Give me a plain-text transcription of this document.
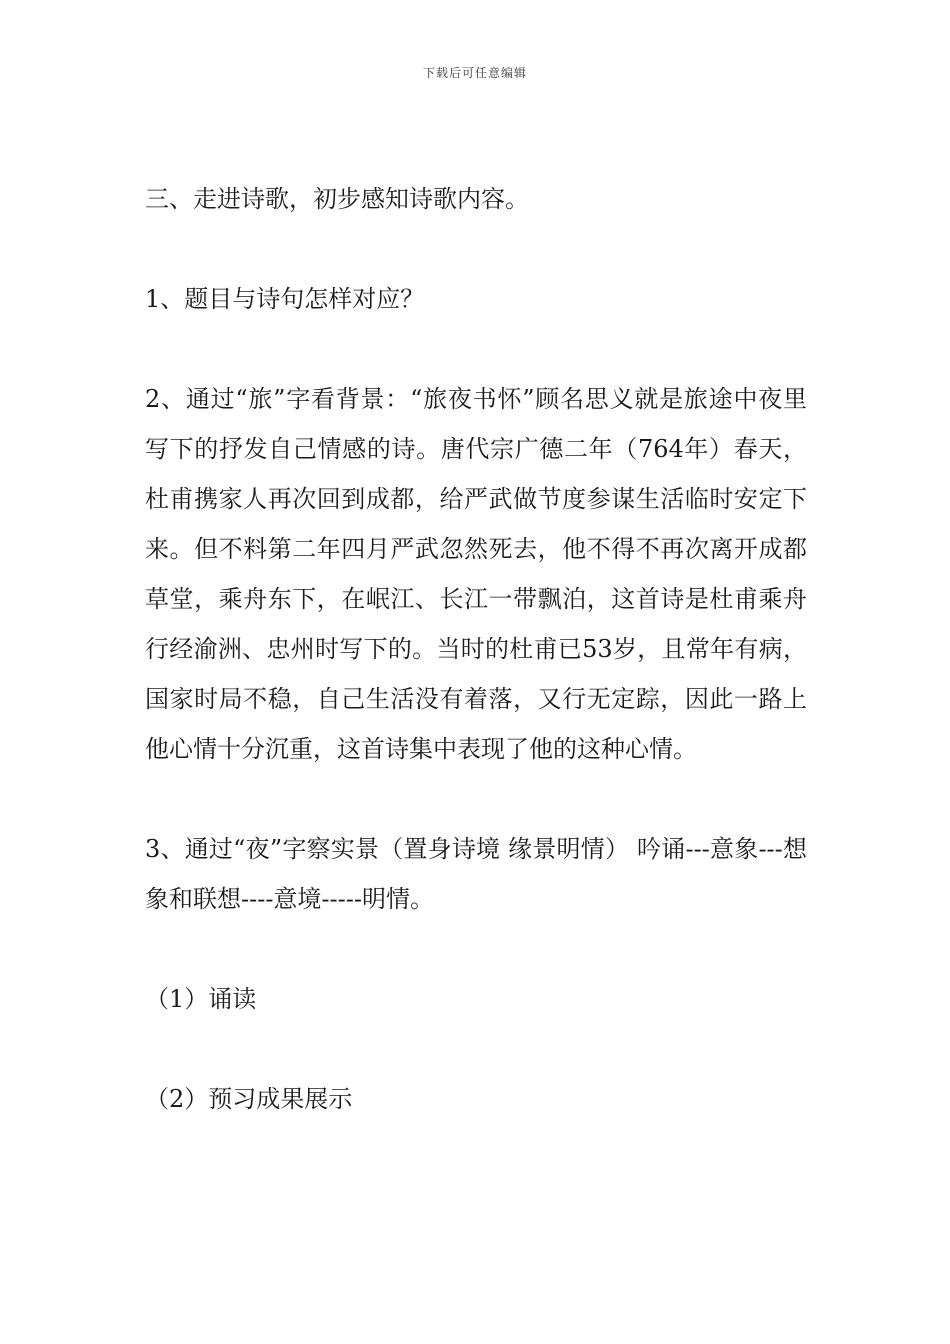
下载后可任意编辑

三、走进诗歌，初步感知诗歌内容。

1、题目与诗句怎样对应？

2、通过“旅”字看背景：“旅夜书怀”顾名思义就是旅途中夜里写下的抒发自己情感的诗。唐代宗广德二年（764年）春天，杜甫携家人再次回到成都，给严武做节度参谋生活临时安定下来。但不料第二年四月严武忽然死去，他不得不再次离开成都草堂，乘舟东下，在岷江、长江一带飘泊，这首诗是杜甫乘舟行经渝洲、忠州时写下的。当时的杜甫已53岁，且常年有病，国家时局不稳，自己生活没有着落，又行无定踪，因此一路上他心情十分沉重，这首诗集中表现了他的这种心情。

3、通过“夜”字察实景（置身诗境 缘景明情） 吟诵---意象---想象和联想----意境-----明情。

（1）诵读

（2）预习成果展示
